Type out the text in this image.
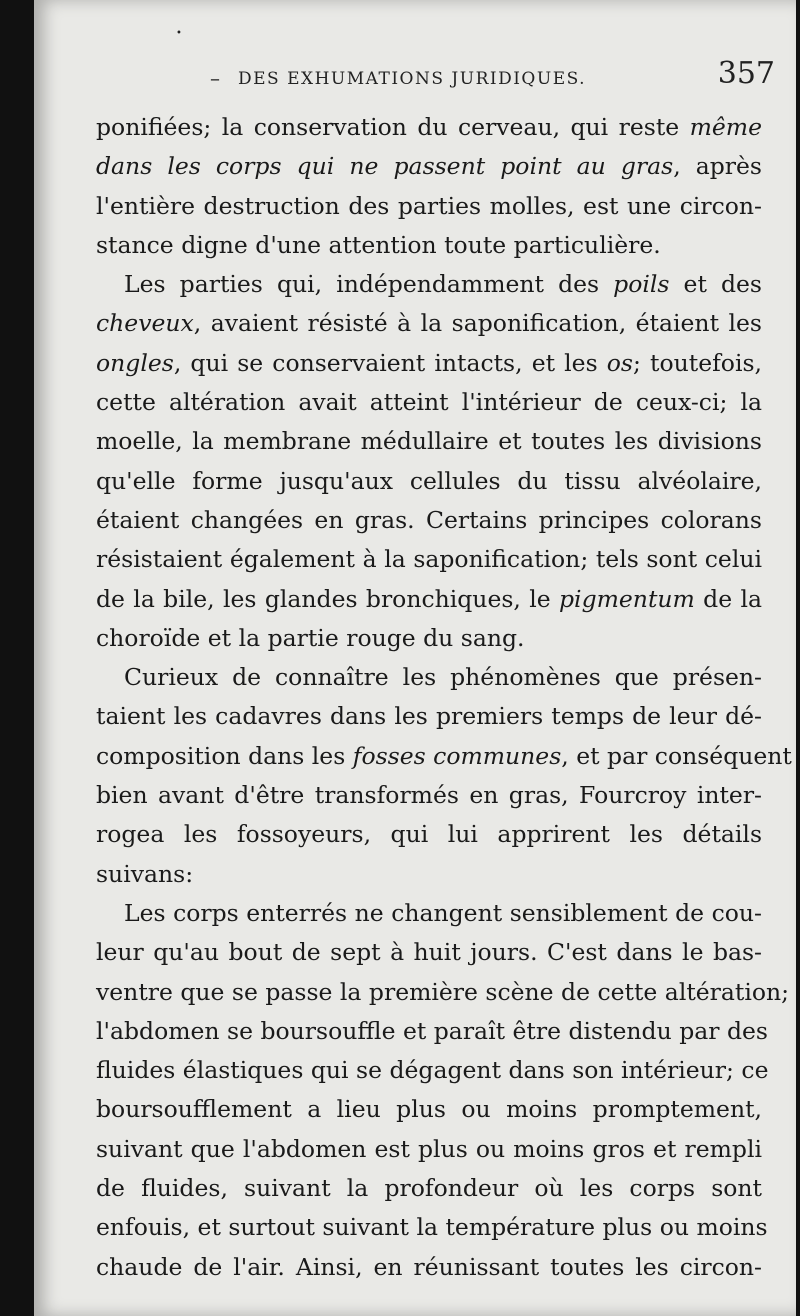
– DES EXHUMATIONS JURIDIQUES.	357
•
ponifiées; la conservation du cerveau, qui reste même
dans les corps qui ne passent point au gras, après
l'entière destruction des parties molles, est une circon-
stance digne d'une attention toute particulière.
Les parties qui, indépendamment des poils et des
cheveux, avaient résisté à la saponification, étaient les
ongles, qui se conservaient intacts, et les os; toutefois,
cette altération avait atteint l'intérieur de ceux-ci; la
moelle, la membrane médullaire et toutes les divisions
qu'elle forme jusqu'aux cellules du tissu alvéolaire,
étaient changées en gras. Certains principes colorans
résistaient également à la saponification; tels sont celui
de la bile, les glandes bronchiques, le pigmentum de la
choroïde et la partie rouge du sang.
Curieux de connaître les phénomènes que présen-
taient les cadavres dans les premiers temps de leur dé-
composition dans les fosses communes, et par conséquent
bien avant d'être transformés en gras, Fourcroy inter-
rogea les fossoyeurs, qui lui apprirent les détails
suivans:
Les corps enterrés ne changent sensiblement de cou-
leur qu'au bout de sept à huit jours. C'est dans le bas-
ventre que se passe la première scène de cette altération;
l'abdomen se boursouffle et paraît être distendu par des
fluides élastiques qui se dégagent dans son intérieur; ce
boursoufflement a lieu plus ou moins promptement,
suivant que l'abdomen est plus ou moins gros et rempli
de fluides, suivant la profondeur où les corps sont
enfouis, et surtout suivant la température plus ou moins
chaude de l'air. Ainsi, en réunissant toutes les circon-
